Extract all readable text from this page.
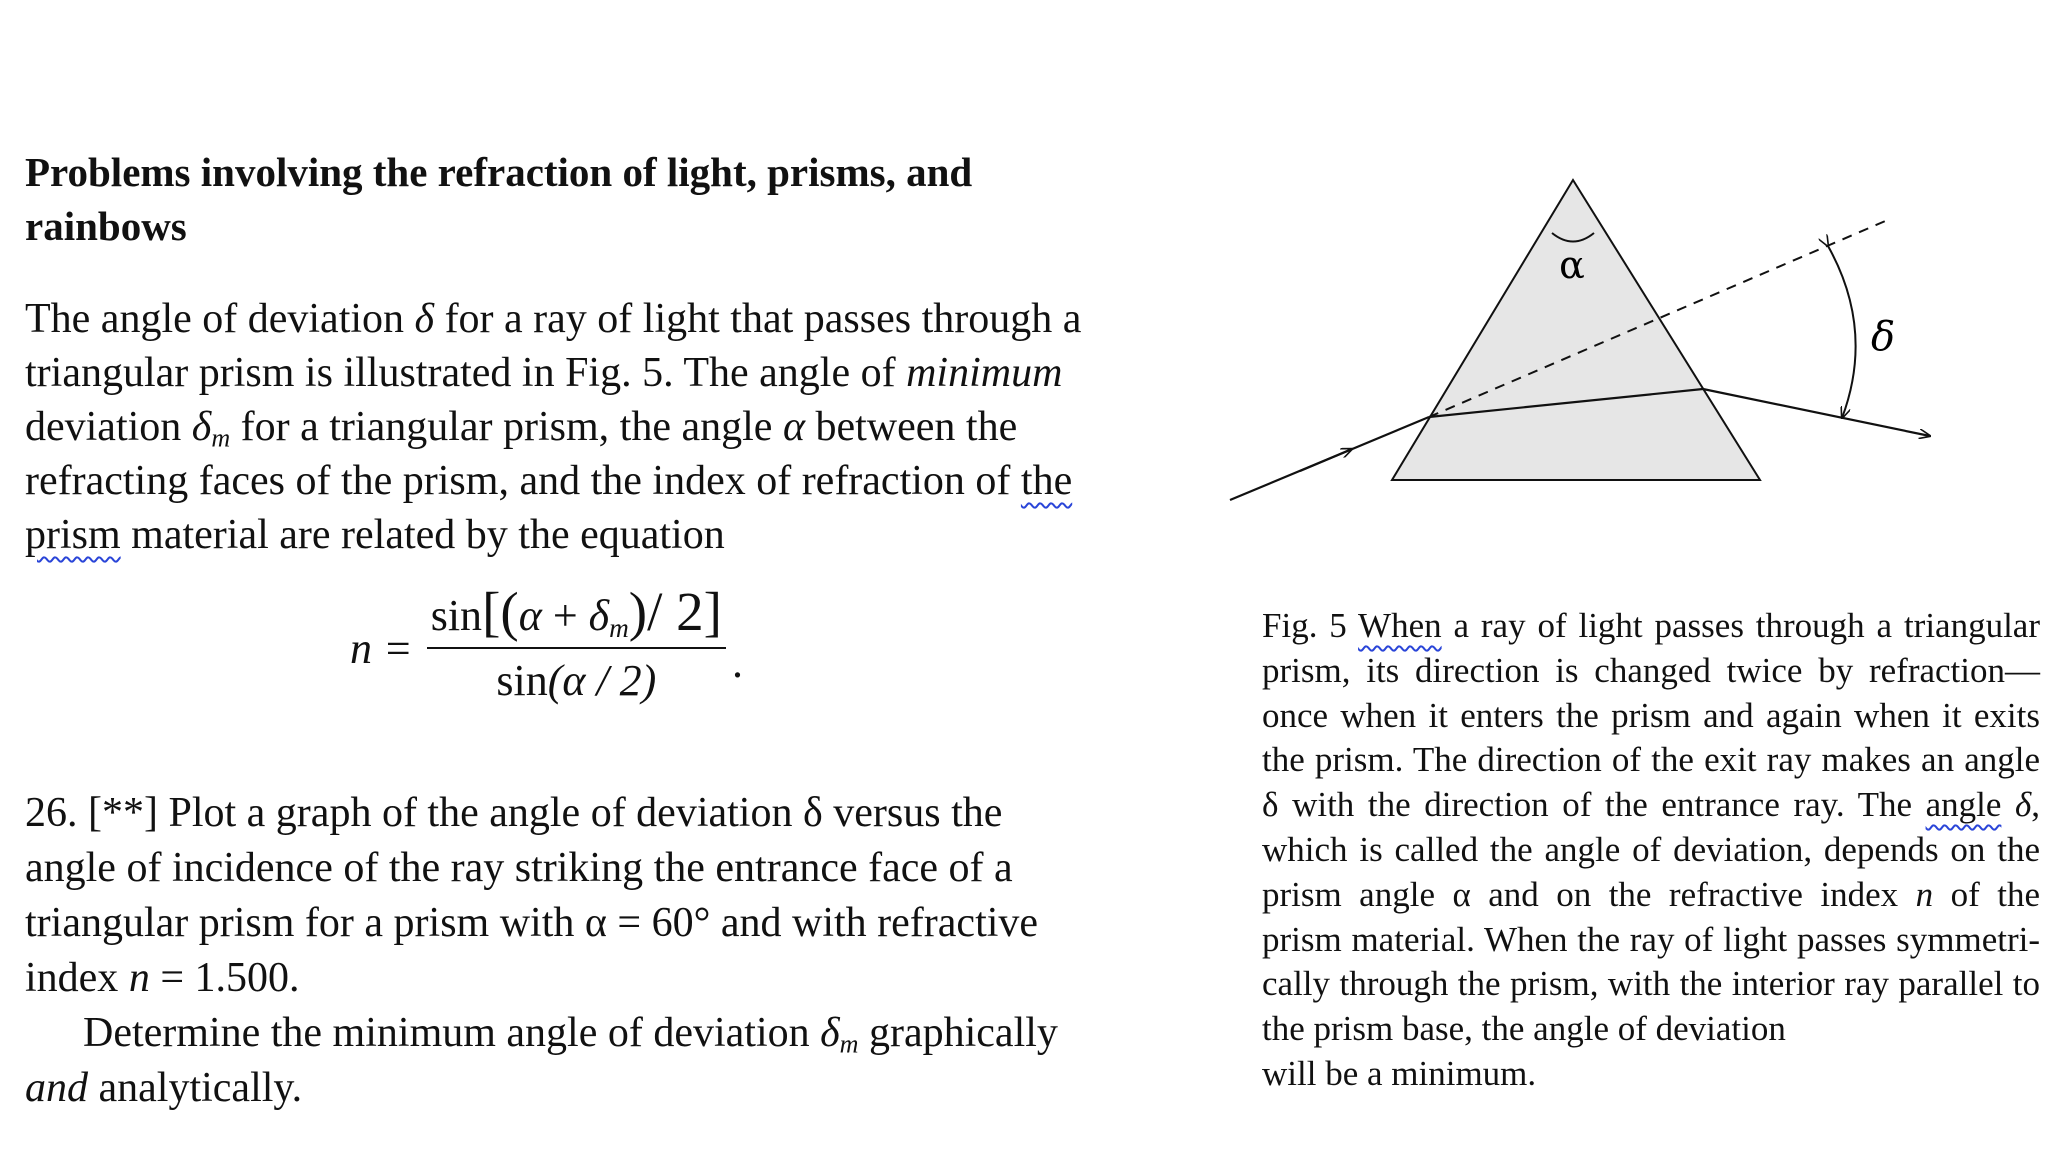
Problems involving the refraction of light, prisms, and
rainbows
The angle of deviation δ for a ray of light that passes through a
triangular prism is illustrated in Fig. 5. The angle of minimum
deviation $\delta_m$ for a triangular prism, the angle α between the
refracting faces of the prism, and the index of refraction of the
prism material are related by the equation
$n = \frac{\sin[(\alpha + \delta_m)/ 2]}{\sin(\alpha / 2)}$ .
26. [**] Plot a graph of the angle of deviation δ versus the
angle of incidence of the ray striking the entrance face of a
triangular prism for a prism with α = 60° and with refractive
index n = 1.500.
Determine the minimum angle of deviation $\delta_m$ graphically
and analytically.
α
δ

Fig. 5 When a ray of light passes through a triangular prism, its direction is changed twice by refraction—once when it enters the prism and again when it exits the prism. The direction of the exit ray makes an angle δ with the direction of the entrance ray. The angle δ, which is called the angle of deviation, depends on the prism angle α and on the refractive index n of the prism material. When the ray of light passes symmetri-cally through the prism, with the interior ray parallel to the prism base, the angle of deviation

will be a minimum.
